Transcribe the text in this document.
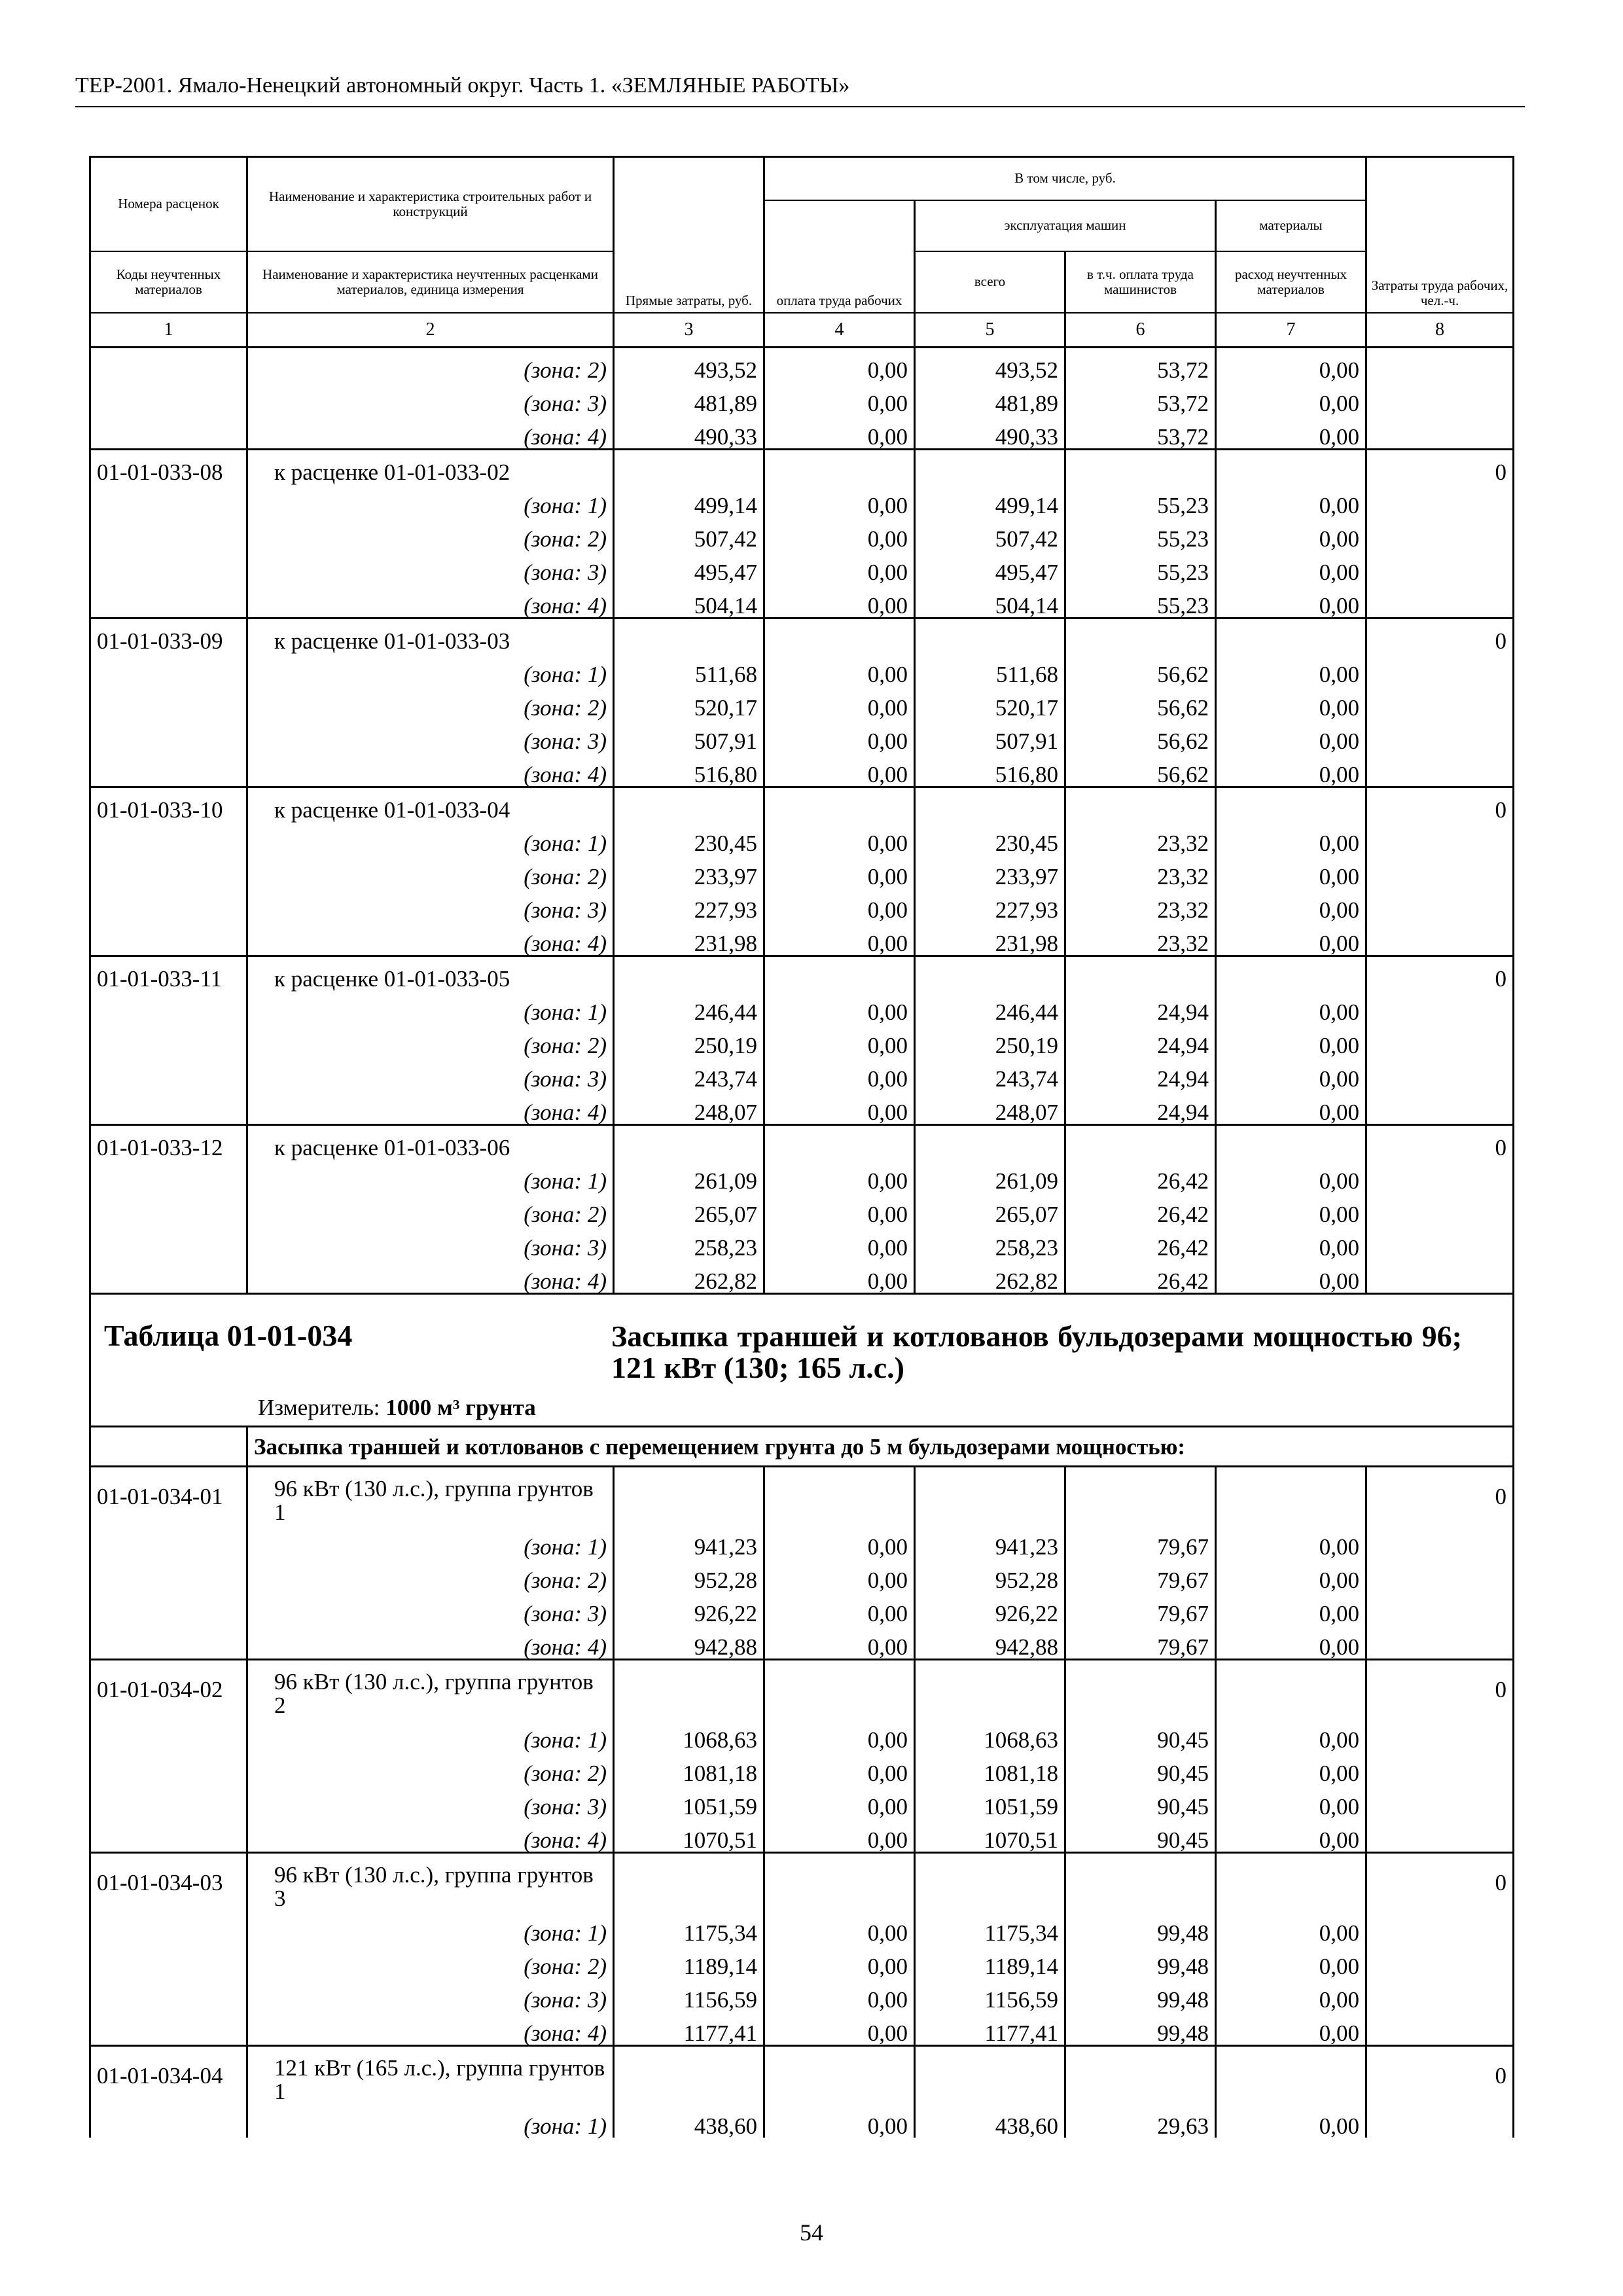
ТЕР-2001. Ямало-Ненецкий автономный округ. Часть 1. «ЗЕМЛЯНЫЕ РАБОТЫ»
Номера расценок	Наименование и характеристика строительных работ и конструкций	Прямые затраты, руб.	В том числе, руб.				Затраты труда рабочих, чел.-ч.
			оплата труда рабочих	эксплуатация машин		материалы	
Коды неучтенных материалов	Наименование и характеристика неучтенных расценками материалов, единица измерения			всего	в т.ч. оплата труда машинистов	расход неучтенных материалов	
1	2	3	4	5	6	7	8
	(зона: 2)	493,52	0,00	493,52	53,72	0,00	
	(зона: 3)	481,89	0,00	481,89	53,72	0,00	
	(зона: 4)	490,33	0,00	490,33	53,72	0,00	
01-01-033-08	к расценке 01-01-033-02						0
	(зона: 1)	499,14	0,00	499,14	55,23	0,00	
	(зона: 2)	507,42	0,00	507,42	55,23	0,00	
	(зона: 3)	495,47	0,00	495,47	55,23	0,00	
	(зона: 4)	504,14	0,00	504,14	55,23	0,00	
01-01-033-09	к расценке 01-01-033-03						0
	(зона: 1)	511,68	0,00	511,68	56,62	0,00	
	(зона: 2)	520,17	0,00	520,17	56,62	0,00	
	(зона: 3)	507,91	0,00	507,91	56,62	0,00	
	(зона: 4)	516,80	0,00	516,80	56,62	0,00	
01-01-033-10	к расценке 01-01-033-04						0
	(зона: 1)	230,45	0,00	230,45	23,32	0,00	
	(зона: 2)	233,97	0,00	233,97	23,32	0,00	
	(зона: 3)	227,93	0,00	227,93	23,32	0,00	
	(зона: 4)	231,98	0,00	231,98	23,32	0,00	
01-01-033-11	к расценке 01-01-033-05						0
	(зона: 1)	246,44	0,00	246,44	24,94	0,00	
	(зона: 2)	250,19	0,00	250,19	24,94	0,00	
	(зона: 3)	243,74	0,00	243,74	24,94	0,00	
	(зона: 4)	248,07	0,00	248,07	24,94	0,00	
01-01-033-12	к расценке 01-01-033-06						0
	(зона: 1)	261,09	0,00	261,09	26,42	0,00	
	(зона: 2)	265,07	0,00	265,07	26,42	0,00	
	(зона: 3)	258,23	0,00	258,23	26,42	0,00	
	(зона: 4)	262,82	0,00	262,82	26,42	0,00	

Таблица 01-01-034 Засыпка траншей и котлованов бульдозерами мощностью 96; 121 кВт (130; 165 л.с.)
Измеритель: 1000 м³ грунта							

	Засыпка траншей и котлованов с перемещением грунта до 5 м бульдозерами мощностью:						
01-01-034-01	96 кВт (130 л.с.), группа грунтов 1						0
	(зона: 1)	941,23	0,00	941,23	79,67	0,00	
	(зона: 2)	952,28	0,00	952,28	79,67	0,00	
	(зона: 3)	926,22	0,00	926,22	79,67	0,00	
	(зона: 4)	942,88	0,00	942,88	79,67	0,00	
01-01-034-02	96 кВт (130 л.с.), группа грунтов 2						0
	(зона: 1)	1068,63	0,00	1068,63	90,45	0,00	
	(зона: 2)	1081,18	0,00	1081,18	90,45	0,00	
	(зона: 3)	1051,59	0,00	1051,59	90,45	0,00	
	(зона: 4)	1070,51	0,00	1070,51	90,45	0,00	
01-01-034-03	96 кВт (130 л.с.), группа грунтов 3						0
	(зона: 1)	1175,34	0,00	1175,34	99,48	0,00	
	(зона: 2)	1189,14	0,00	1189,14	99,48	0,00	
	(зона: 3)	1156,59	0,00	1156,59	99,48	0,00	
	(зона: 4)	1177,41	0,00	1177,41	99,48	0,00	
01-01-034-04	121 кВт (165 л.с.), группа грунтов 1						0
	(зона: 1)	438,60	0,00	438,60	29,63	0,00	
54
